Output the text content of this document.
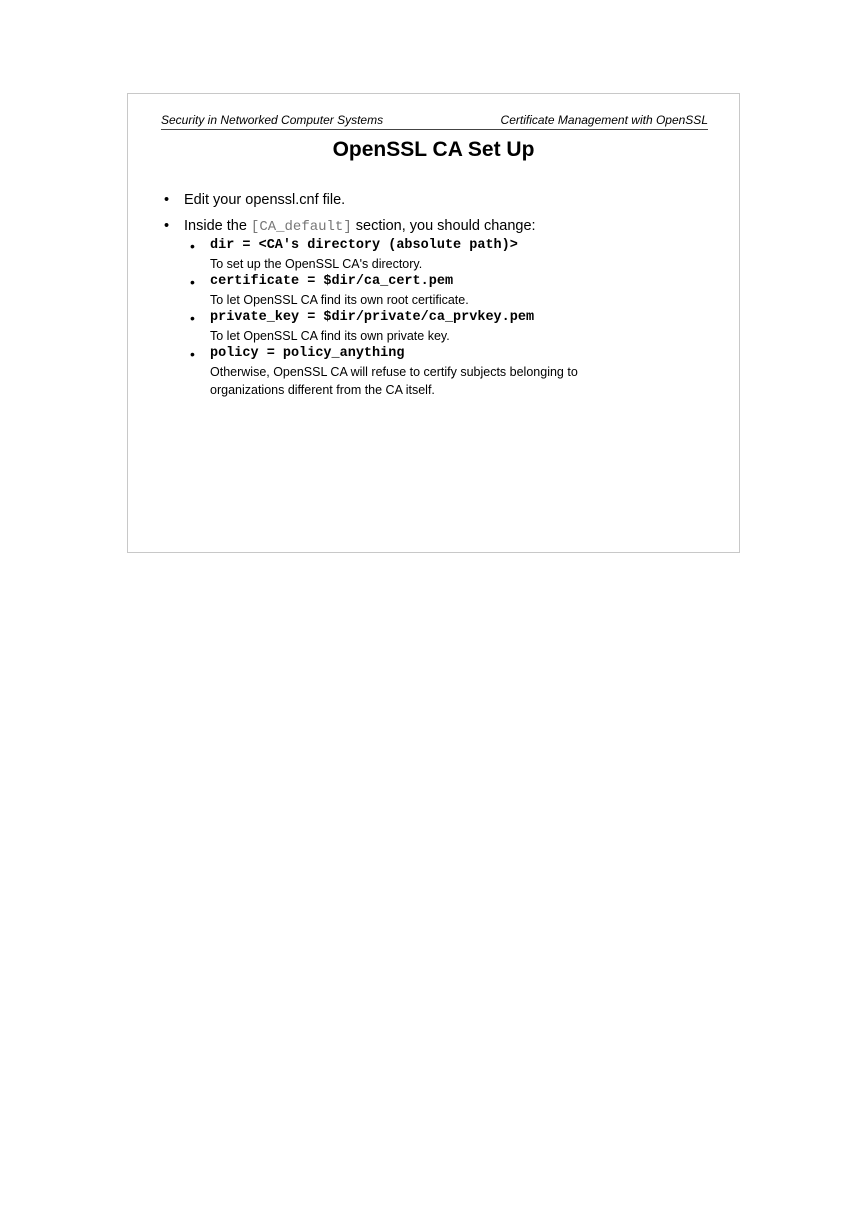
Security in Networked Computer Systems	Certificate Management with OpenSSL
OpenSSL CA Set Up
• Edit your openssl.cnf file.
• Inside the [CA_default] section, you should change:
• dir = <CA's directory (absolute path)>
To set up the OpenSSL CA's directory.
• certificate = $dir/ca_cert.pem
To let OpenSSL CA find its own root certificate.
• private_key = $dir/private/ca_prvkey.pem
To let OpenSSL CA find its own private key.
• policy = policy_anything
Otherwise, OpenSSL CA will refuse to certify subjects belonging to organizations different from the CA itself.
